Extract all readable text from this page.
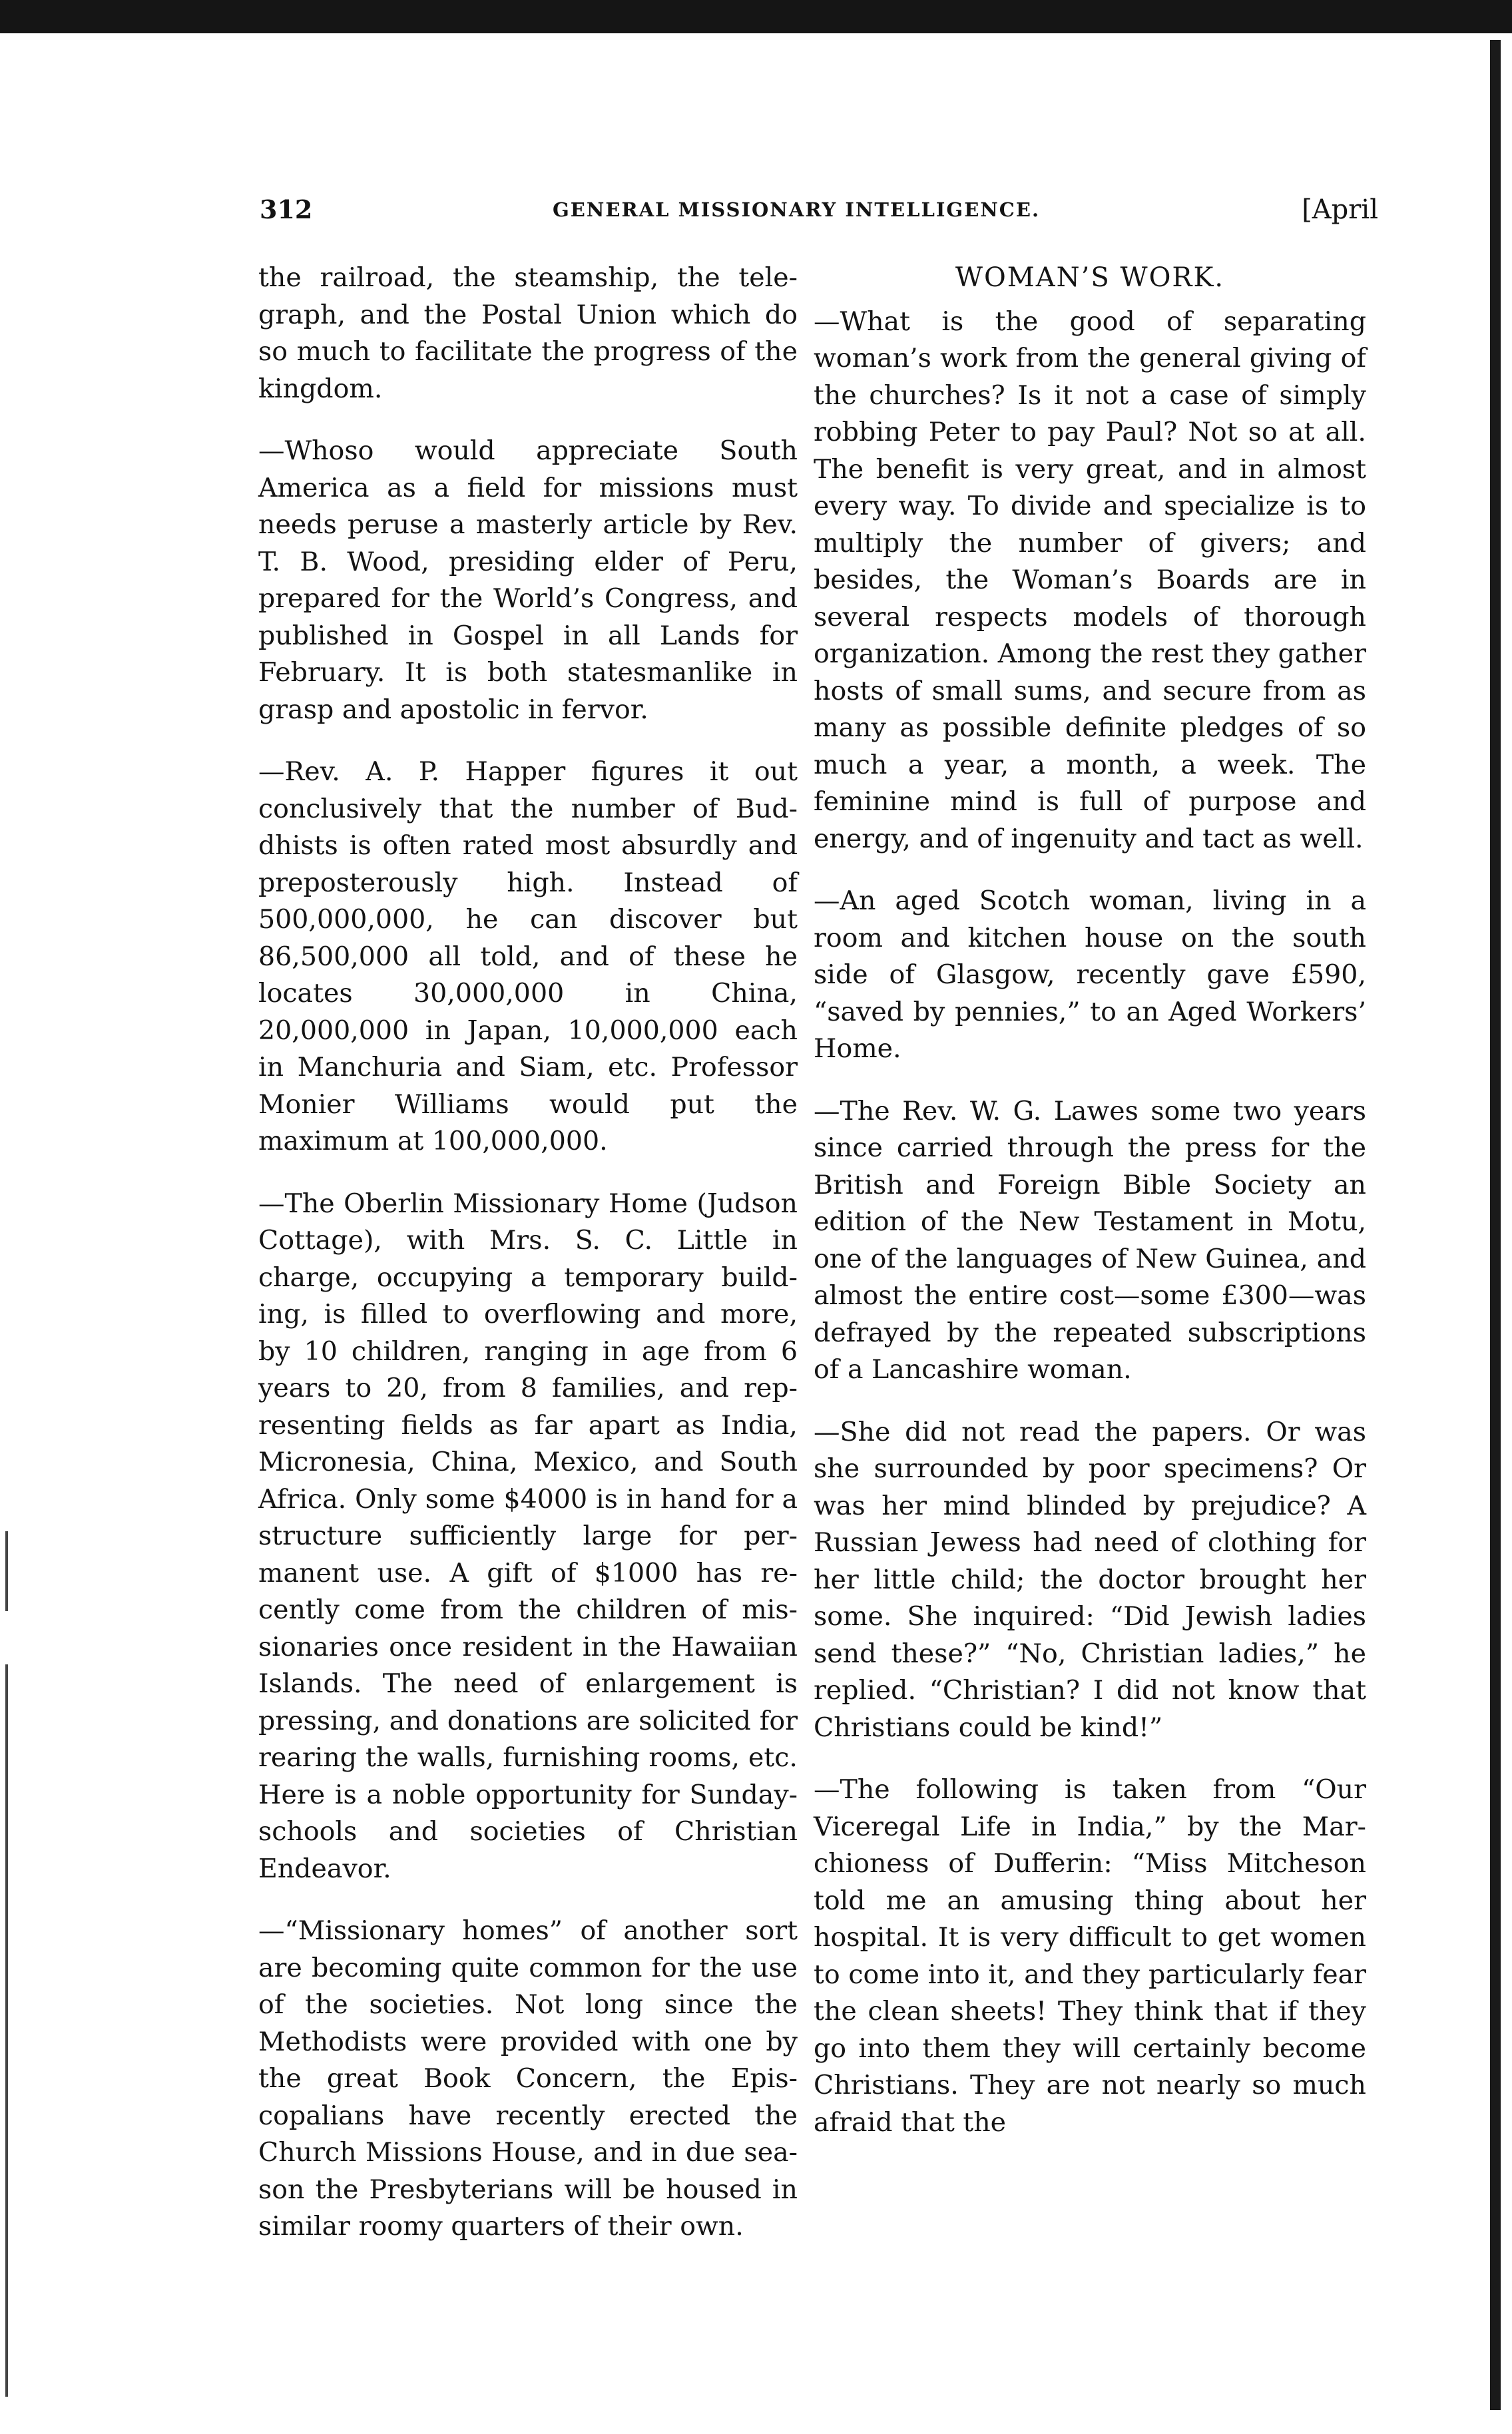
312	GENERAL MISSIONARY INTELLIGENCE.	[April

the railroad, the steamship, the telegraph, and the Postal Union which do so much to facilitate the progress of the kingdom.

—Whoso would appreciate South America as a field for missions must needs peruse a masterly article by Rev. T. B. Wood, presiding elder of Peru, prepared for the World’s Congress, and published in Gospel in all Lands for February. It is both statesmanlike in grasp and apostolic in fervor.

—Rev. A. P. Happer figures it out conclusively that the number of Buddhists is often rated most absurdly and preposterously high. Instead of 500,000,000, he can discover but 86,500,000 all told, and of these he locates 30,000,000 in China, 20,000,000 in Japan, 10,000,000 each in Manchuria and Siam, etc. Professor Monier Williams would put the maximum at 100,000,000.

—The Oberlin Missionary Home (Judson Cottage), with Mrs. S. C. Little in charge, occupying a temporary building, is filled to overflowing and more, by 10 children, ranging in age from 6 years to 20, from 8 families, and representing fields as far apart as India, Micronesia, China, Mexico, and South Africa. Only some $4000 is in hand for a structure sufficiently large for permanent use. A gift of $1000 has recently come from the children of missionaries once resident in the Hawaiian Islands. The need of enlargement is pressing, and donations are solicited for rearing the walls, furnishing rooms, etc. Here is a noble opportunity for Sunday-schools and societies of Christian Endeavor.

—“Missionary homes” of another sort are becoming quite common for the use of the societies. Not long since the Methodists were provided with one by the great Book Concern, the Episcopalians have recently erected the Church Missions House, and in due season the Presbyterians will be housed in similar roomy quarters of their own.

WOMAN’S WORK.

—What is the good of separating woman’s work from the general giving of the churches? Is it not a case of simply robbing Peter to pay Paul? Not so at all. The benefit is very great, and in almost every way. To divide and specialize is to multiply the number of givers; and besides, the Woman’s Boards are in several respects models of thorough organization. Among the rest they gather hosts of small sums, and secure from as many as possible definite pledges of so much a year, a month, a week. The feminine mind is full of purpose and energy, and of ingenuity and tact as well.

—An aged Scotch woman, living in a room and kitchen house on the south side of Glasgow, recently gave £590, “saved by pennies,” to an Aged Workers’ Home.

—The Rev. W. G. Lawes some two years since carried through the press for the British and Foreign Bible Society an edition of the New Testament in Motu, one of the languages of New Guinea, and almost the entire cost—some £300—was defrayed by the repeated subscriptions of a Lancashire woman.

—She did not read the papers. Or was she surrounded by poor specimens? Or was her mind blinded by prejudice? A Russian Jewess had need of clothing for her little child; the doctor brought her some. She inquired: “Did Jewish ladies send these?” “No, Christian ladies,” he replied. “Christian? I did not know that Christians could be kind!”

—The following is taken from “Our Viceregal Life in India,” by the Marchioness of Dufferin: “Miss Mitcheson told me an amusing thing about her hospital. It is very difficult to get women to come into it, and they particularly fear the clean sheets! They think that if they go into them they will certainly become Christians. They are not nearly so much afraid that the
